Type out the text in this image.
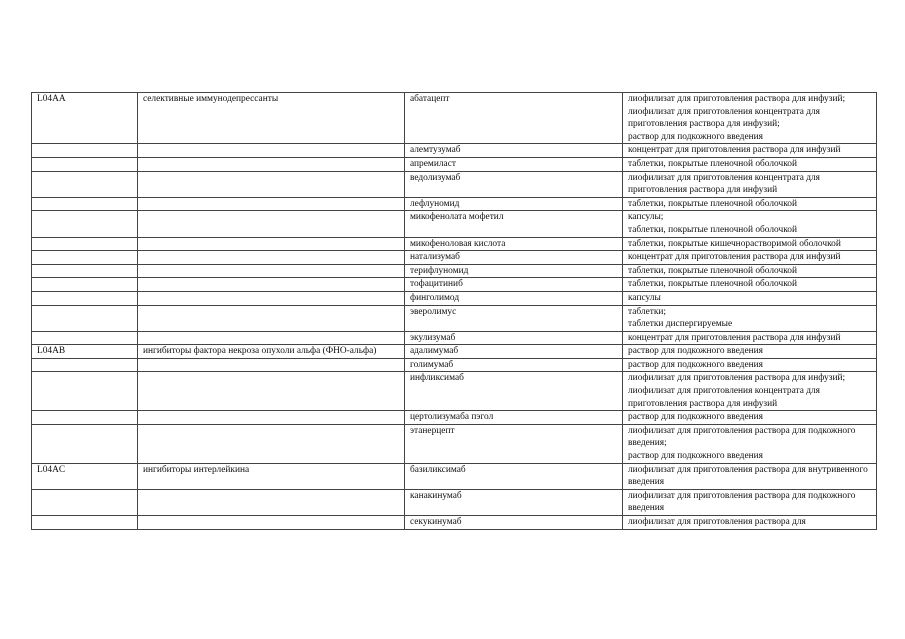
L04AA	селективные иммунодепрессанты	абатацепт	лиофилизат для приготовления раствора для инфузий;
лиофилизат для приготовления концентрата для приготовления раствора для инфузий;
раствор для подкожного введения

		алемтузумаб	концентрат для приготовления раствора для инфузий

		апремиласт	таблетки, покрытые пленочной оболочкой

		ведолизумаб	лиофилизат для приготовления концентрата для приготовления раствора для инфузий

		лефлуномид	таблетки, покрытые пленочной оболочкой

		микофенолата мофетил	капсулы;
таблетки, покрытые пленочной оболочкой

		микофеноловая кислота	таблетки, покрытые кишечнорастворимой оболочкой

		натализумаб	концентрат для приготовления раствора для инфузий

		терифлуномид	таблетки, покрытые пленочной оболочкой

		тофацитиниб	таблетки, покрытые пленочной оболочкой

		финголимод	капсулы

		эверолимус	таблетки;
таблетки диспергируемые

		экулизумаб	концентрат для приготовления раствора для инфузий

L04AB	ингибиторы фактора некроза опухоли альфа (ФНО-альфа)	адалимумаб	раствор для подкожного введения

		голимумаб	раствор для подкожного введения

		инфликсимаб	лиофилизат для приготовления раствора для инфузий;
лиофилизат для приготовления концентрата для приготовления раствора для инфузий

		цертолизумаба пэгол	раствор для подкожного введения

		этанерцепт	лиофилизат для приготовления раствора для подкожного введения;
раствор для подкожного введения

L04AC	ингибиторы интерлейкина	базиликсимаб	лиофилизат для приготовления раствора для внутривенного введения

		канакинумаб	лиофилизат для приготовления раствора для подкожного введения

		секукинумаб	лиофилизат для приготовления раствора для
